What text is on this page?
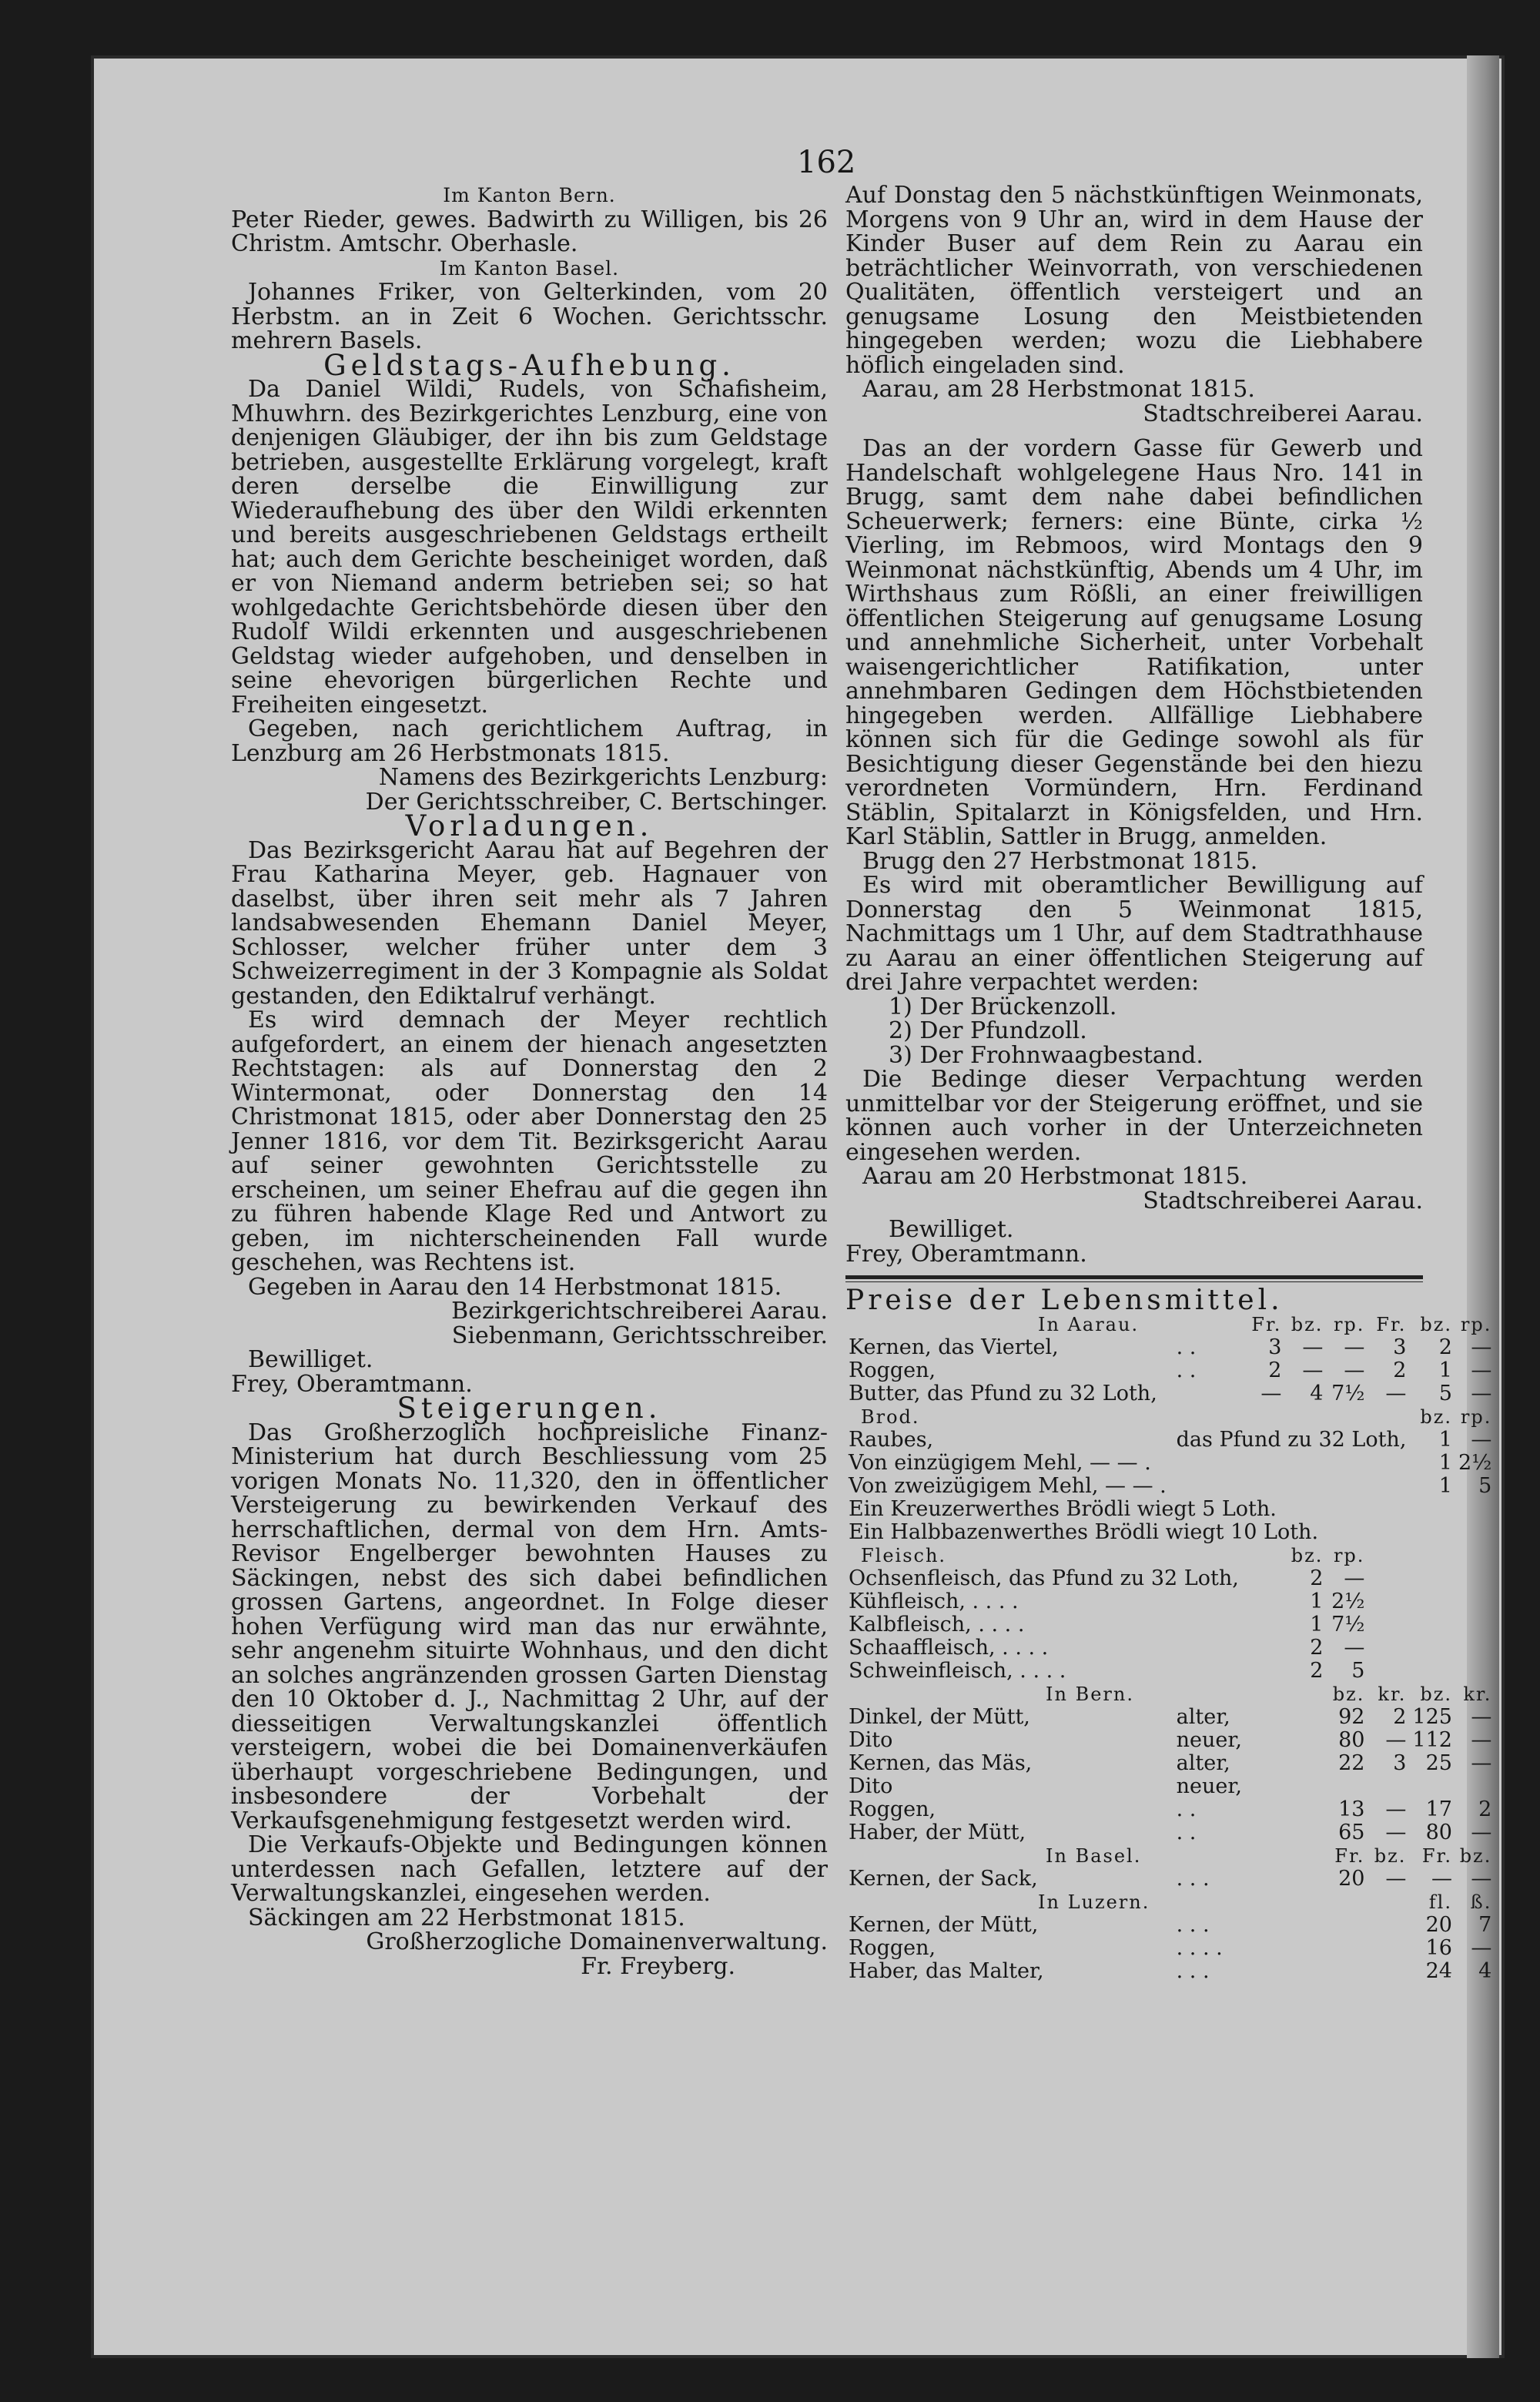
162

Im Kanton Bern.

Peter Rieder, gewes. Badwirth zu Willigen, bis 26 Christm. Amtschr. Oberhasle.

Im Kanton Basel.

Johannes Friker, von Gelterkinden, vom 20 Herbstm. an in Zeit 6 Wochen. Gerichtsschr. mehrern Basels.

Geldstags-Aufhebung.

Da Daniel Wildi, Rudels, von Schafisheim, Mhuwhrn. des Bezirkgerichtes Lenzburg, eine von denjenigen Gläubiger, der ihn bis zum Geldstage betrieben, ausgestellte Erklärung vorgelegt, kraft deren derselbe die Einwilligung zur Wiederaufhebung des über den Wildi erkennten und bereits ausgeschriebenen Geldstags ertheilt hat; auch dem Gerichte bescheiniget worden, daß er von Niemand anderm betrieben sei; so hat wohlgedachte Gerichtsbehörde diesen über den Rudolf Wildi erkennten und ausgeschriebenen Geldstag wieder aufgehoben, und denselben in seine ehevorigen bürgerlichen Rechte und Freiheiten eingesetzt.

Gegeben, nach gerichtlichem Auftrag, in Lenzburg am 26 Herbstmonats 1815.

Namens des Bezirkgerichts Lenzburg:

Der Gerichtsschreiber, C. Bertschinger.

Vorladungen.

Das Bezirksgericht Aarau hat auf Begehren der Frau Katharina Meyer, geb. Hagnauer von daselbst, über ihren seit mehr als 7 Jahren landsabwesenden Ehemann Daniel Meyer, Schlosser, welcher früher unter dem 3 Schweizerregiment in der 3 Kompagnie als Soldat gestanden, den Ediktalruf verhängt.

Es wird demnach der Meyer rechtlich aufgefordert, an einem der hienach angesetzten Rechtstagen: als auf Donnerstag den 2 Wintermonat, oder Donnerstag den 14 Christmonat 1815, oder aber Donnerstag den 25 Jenner 1816, vor dem Tit. Bezirksgericht Aarau auf seiner gewohnten Gerichtsstelle zu erscheinen, um seiner Ehefrau auf die gegen ihn zu führen habende Klage Red und Antwort zu geben, im nichterscheinenden Fall wurde geschehen, was Rechtens ist.

Gegeben in Aarau den 14 Herbstmonat 1815.

Bezirkgerichtschreiberei Aarau.

Siebenmann, Gerichtsschreiber.

Bewilliget.

Frey, Oberamtmann.

Steigerungen.

Das Großherzoglich hochpreisliche Finanz-Ministerium hat durch Beschliessung vom 25 vorigen Monats No. 11,320, den in öffentlicher Versteigerung zu bewirkenden Verkauf des herrschaftlichen, dermal von dem Hrn. Amts-Revisor Engelberger bewohnten Hauses zu Säckingen, nebst des sich dabei befindlichen grossen Gartens, angeordnet. In Folge dieser hohen Verfügung wird man das nur erwähnte, sehr angenehm situirte Wohnhaus, und den dicht an solches angränzenden grossen Garten Dienstag den 10 Oktober d. J., Nachmittag 2 Uhr, auf der diesseitigen Verwaltungskanzlei öffentlich versteigern, wobei die bei Domainenverkäufen überhaupt vorgeschriebene Bedingungen, und insbesondere der Vorbehalt der Verkaufsgenehmigung festgesetzt werden wird.

Die Verkaufs-Objekte und Bedingungen können unterdessen nach Gefallen, letztere auf der Verwaltungskanzlei, eingesehen werden.

Säckingen am 22 Herbstmonat 1815.

Großherzogliche Domainenverwaltung.

Fr. Freyberg.

Auf Donstag den 5 nächstkünftigen Weinmonats, Morgens von 9 Uhr an, wird in dem Hause der Kinder Buser auf dem Rein zu Aarau ein beträchtlicher Weinvorrath, von verschiedenen Qualitäten, öffentlich versteigert und an genugsame Losung den Meistbietenden hingegeben werden; wozu die Liebhabere höflich eingeladen sind.

Aarau, am 28 Herbstmonat 1815.

Stadtschreiberei Aarau.

Das an der vordern Gasse für Gewerb und Handelschaft wohlgelegene Haus Nro. 141 in Brugg, samt dem nahe dabei befindlichen Scheuerwerk; ferners: eine Bünte, cirka ½ Vierling, im Rebmoos, wird Montags den 9 Weinmonat nächstkünftig, Abends um 4 Uhr, im Wirthshaus zum Rößli, an einer freiwilligen öffentlichen Steigerung auf genugsame Losung und annehmliche Sicherheit, unter Vorbehalt waisengerichtlicher Ratifikation, unter annehmbaren Gedingen dem Höchstbietenden hingegeben werden. Allfällige Liebhabere können sich für die Gedinge sowohl als für Besichtigung dieser Gegenstände bei den hiezu verordneten Vormündern, Hrn. Ferdinand Stäblin, Spitalarzt in Königsfelden, und Hrn. Karl Stäblin, Sattler in Brugg, anmelden.

Brugg den 27 Herbstmonat 1815.

Es wird mit oberamtlicher Bewilligung auf Donnerstag den 5 Weinmonat 1815, Nachmittags um 1 Uhr, auf dem Stadtrathhause zu Aarau an einer öffentlichen Steigerung auf drei Jahre verpachtet werden:

1) Der Brückenzoll.

2) Der Pfundzoll.

3) Der Frohnwaagbestand.

Die Bedinge dieser Verpachtung werden unmittelbar vor der Steigerung eröffnet, und sie können auch vorher in der Unterzeichneten eingesehen werden.

Aarau am 20 Herbstmonat 1815.

Stadtschreiberei Aarau.

Bewilliget.

Frey, Oberamtmann.

Preise der Lebensmittel.

In Aarau.		Fr.	bz.	rp.	Fr.	bz.	rp.
Kernen, das Viertel,	. .	3	—	—	3	2	—
Roggen,	. .	2	—	—	2	1	—
Butter, das Pfund zu 32 Loth,		—	4	7½	—	5	—
Brod.						bz.	rp.
Raubes,	das Pfund zu 32 Loth,					1	—
Von einzügigem Mehl, — — .						1	2½
Von zweizügigem Mehl, — — .						1	5
Ein Kreuzerwerthes Brödli wiegt 5 Loth.							
Ein Halbbazenwerthes Brödli wiegt 10 Loth.							
Fleisch.			bz.	rp.			
Ochsenfleisch, das Pfund zu 32 Loth,			2	—			
Kühfleisch, . . . .			1	2½			
Kalbfleisch, . . . .			1	7½			
Schaaffleisch, . . . .			2	—			
Schweinfleisch, . . . .			2	5			
In Bern.				bz.	kr.	bz.	kr.
Dinkel, der Mütt,	alter,			92	2	125	—
Dito	neuer,			80	—	112	—
Kernen, das Mäs,	alter,			22	3	25	—
Dito	neuer,						
Roggen,	. .			13	—	17	2
Haber, der Mütt,	. .			65	—	80	—
In Basel.				Fr.	bz.	Fr.	bz.
Kernen, der Sack,	. . .			20	—	—	—
In Luzern.						fl.	ß.
Kernen, der Mütt,	. . .					20	7
Roggen,	. . . .					16	—
Haber, das Malter,	. . .					24	4
